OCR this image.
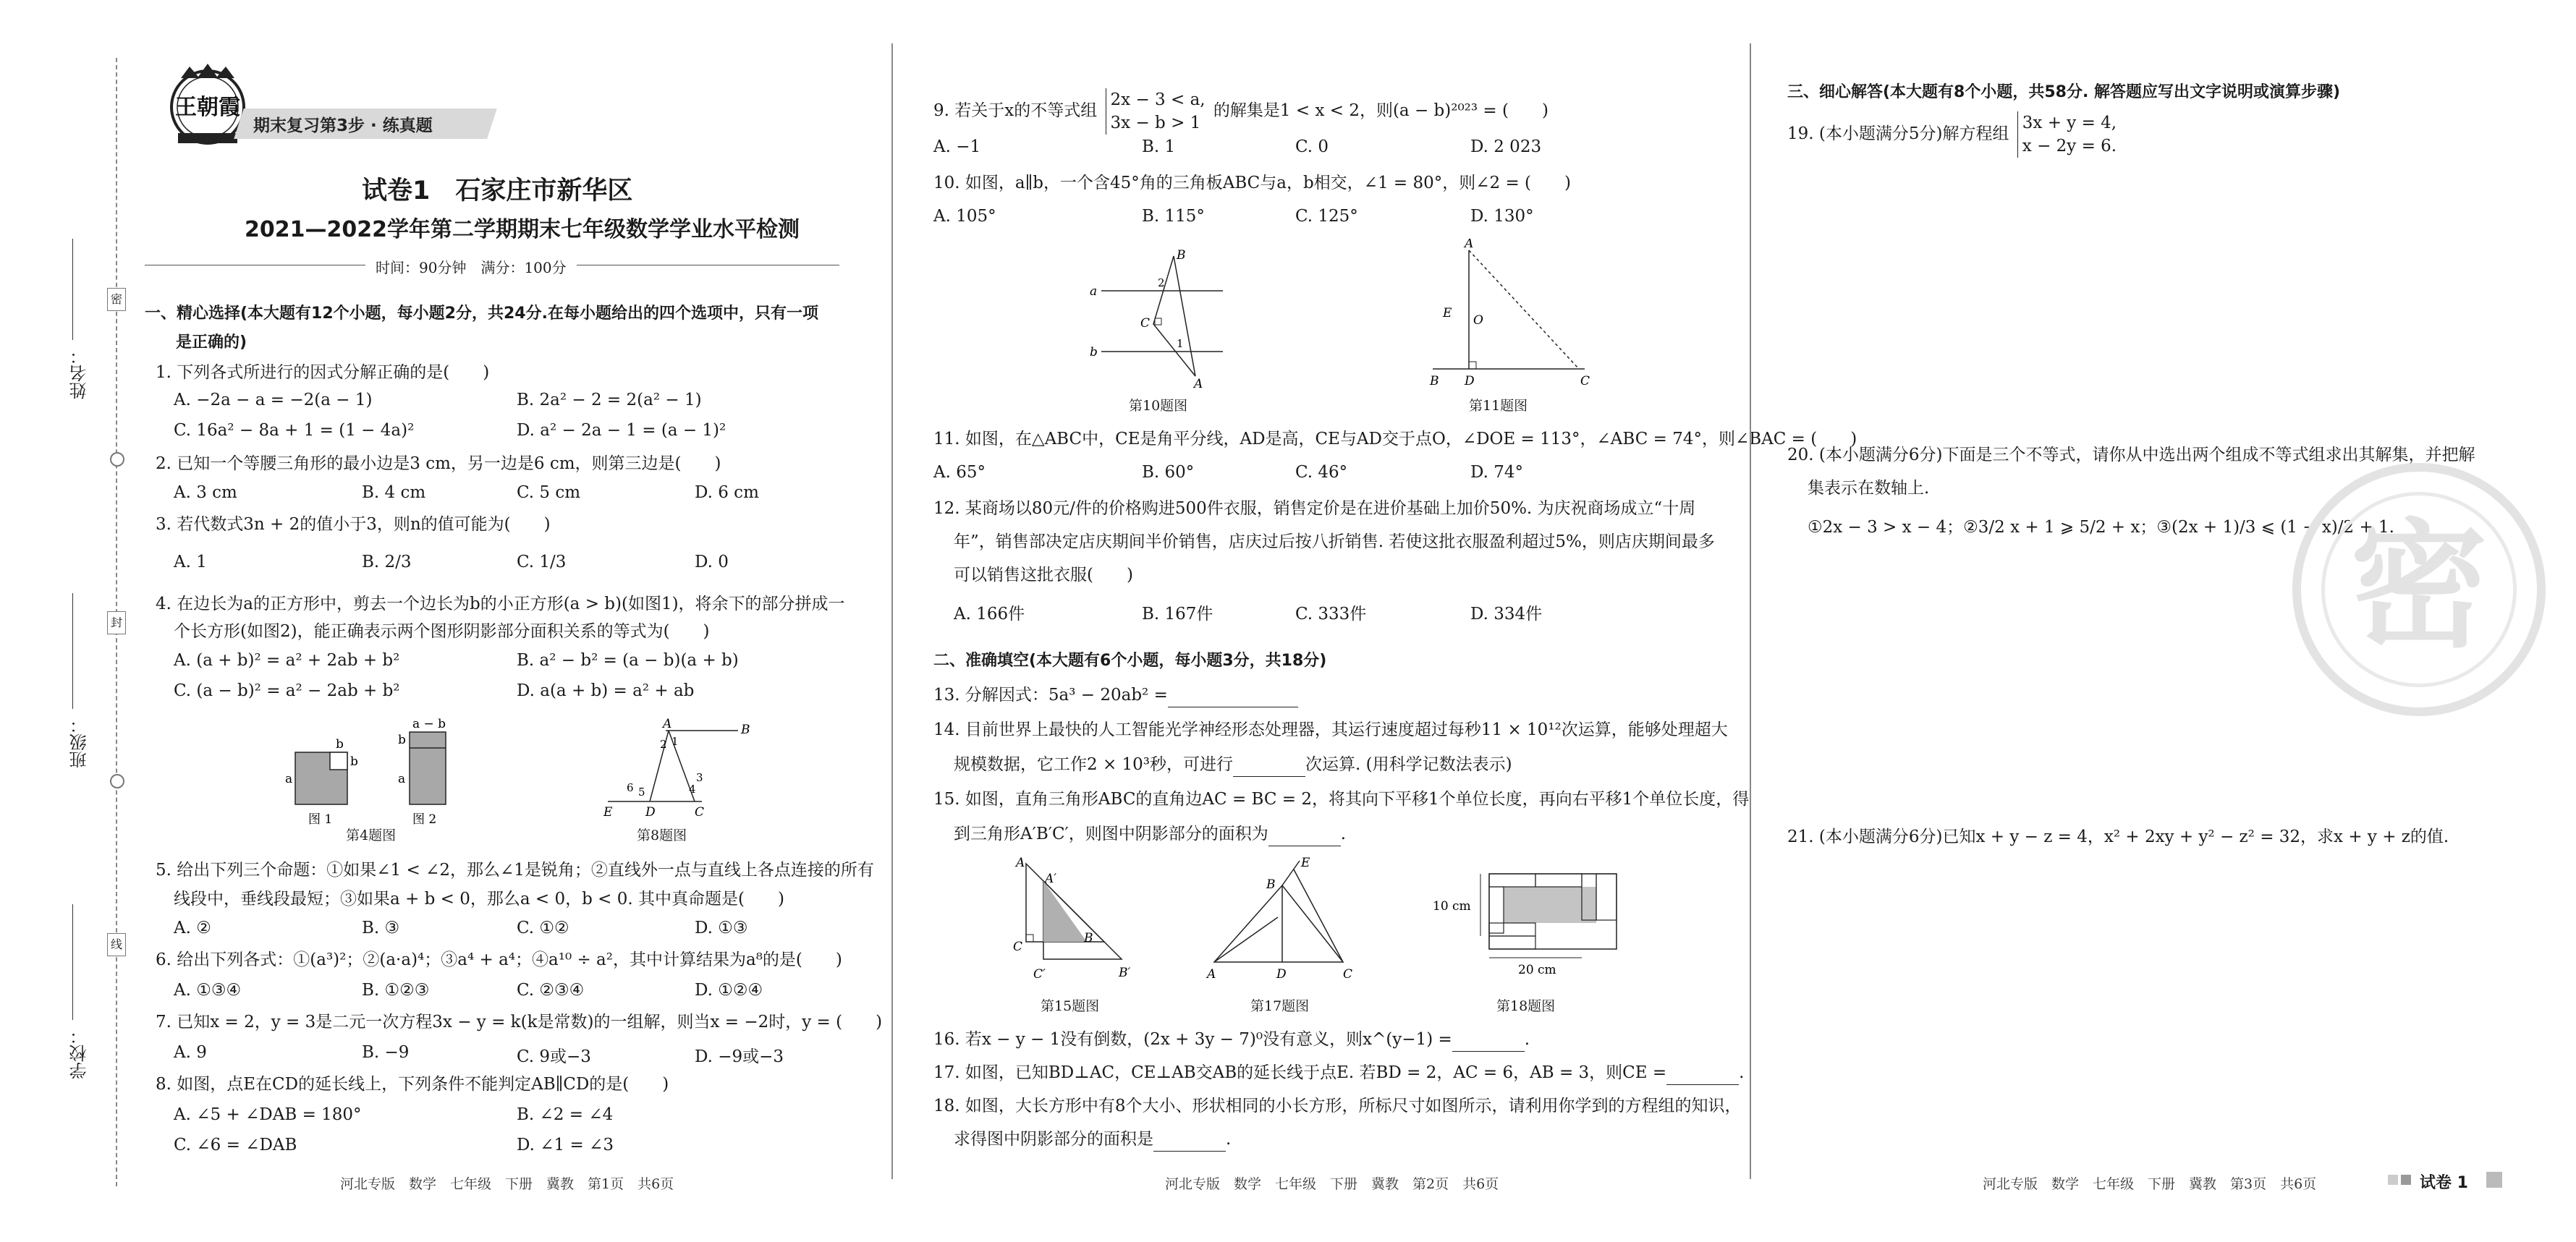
姓名：
班级：
学校：
密
封
线
王朝霞
期末复习第3步 · 练真题
试卷1　石家庄市新华区
2021—2022学年第二学期期末七年级数学学业水平检测
时间：90分钟　满分：100分
一、精心选择(本大题有12个小题，每小题2分，共24分.在每小题给出的四个选项中，只有一项
是正确的)
1. 下列各式所进行的因式分解正确的是(　　)
A. −2a − a = −2(a − 1)	B. 2a² − 2 = 2(a² − 1)
C. 16a² − 8a + 1 = (1 − 4a)²	D. a² − 2a − 1 = (a − 1)²
2. 已知一个等腰三角形的最小边是3 cm，另一边是6 cm，则第三边是(　　)
A. 3 cm	B. 4 cm	C. 5 cm	D. 6 cm
3. 若代数式3n + 2的值小于3，则n的值可能为(　　)
A. 1	B. 2/3	C. 1/3	D. 0
4. 在边长为a的正方形中，剪去一个边长为b的小正方形(a > b)(如图1)，将余下的部分拼成一
个长方形(如图2)，能正确表示两个图形阴影部分面积关系的等式为(　　)
A. (a + b)² = a² + 2ab + b²	B. a² − b² = (a − b)(a + b)
C. (a − b)² = a² − 2ab + b²	D. a(a + b) = a² + ab
a
b
b
图 1
a − b
b
a
图 2
第4题图
A	B
C
D
E
1
2
3
4
5
6
第8题图
5. 给出下列三个命题：①如果∠1 < ∠2，那么∠1是锐角；②直线外一点与直线上各点连接的所有
线段中，垂线段最短；③如果a + b < 0，那么a < 0，b < 0. 其中真命题是(　　)
A. ②	B. ③	C. ①②	D. ①③
6. 给出下列各式：①(a³)²；②(a·a)⁴；③a⁴ + a⁴；④a¹⁰ ÷ a²，其中计算结果为a⁸的是(　　)
A. ①③④	B. ①②③	C. ②③④	D. ①②④
7. 已知x = 2，y = 3是二元一次方程3x − y = k(k是常数)的一组解，则当x = −2时，y = (　　)
A. 9	B. −9	C. 9或−3	D. −9或−3
8. 如图，点E在CD的延长线上，下列条件不能判定AB∥CD的是(　　)
A. ∠5 + ∠DAB = 180°	B. ∠2 = ∠4
C. ∠6 = ∠DAB	D. ∠1 = ∠3
河北专版　数学　七年级　下册　冀教　第1页　共6页
9. 若关于x的不等式组
2x − 3 < a,
3x − b > 1
的解集是1 < x < 2，则(a − b)²⁰²³ = (　　)
A. −1	B. 1	C. 0	D. 2 023
10. 如图，a∥b，一个含45°角的三角板ABC与a，b相交，∠1 = 80°，则∠2 = (　　)
A. 105°	B. 115°	C. 125°	D. 130°
a
b
B
C
A
2
1
第10题图
A
B D	C
E O
第11题图
11. 如图，在△ABC中，CE是角平分线，AD是高，CE与AD交于点O，∠DOE = 113°，∠ABC = 74°，则∠BAC = (　　)
A. 65°	B. 60°	C. 46°	D. 74°
12. 某商场以80元/件的价格购进500件衣服，销售定价是在进价基础上加价50%. 为庆祝商场成立“十周
年”，销售部决定店庆期间半价销售，店庆过后按八折销售. 若使这批衣服盈利超过5%，则店庆期间最多
可以销售这批衣服(　　)
A. 166件	B. 167件	C. 333件	D. 334件
二、准确填空(本大题有6个小题，每小题3分，共18分)
13. 分解因式：5a³ − 20ab² =
14. 目前世界上最快的人工智能光学神经形态处理器，其运行速度超过每秒11 × 10¹²次运算，能够处理超大
规模数据，它工作2 × 10³秒，可进行	次运算. (用科学记数法表示)
15. 如图，直角三角形ABC的直角边AC = BC = 2，将其向下平移1个单位长度，再向右平移1个单位长度，得
到三角形A′B′C′，则图中阴影部分的面积为	.
A
A′
B
B′
C
C′
第15题图
A
B
C
D
E
第17题图
10 cm
20 cm
第18题图
16. 若x − y − 1没有倒数，(2x + 3y − 7)⁰没有意义，则x^(y−1) =	.
17. 如图，已知BD⊥AC，CE⊥AB交AB的延长线于点E. 若BD = 2，AC = 6，AB = 3，则CE =	.
18. 如图，大长方形中有8个大小、形状相同的小长方形，所标尺寸如图所示，请利用你学到的方程组的知识，
求得图中阴影部分的面积是	.
河北专版　数学　七年级　下册　冀教　第2页　共6页
三、细心解答(本大题有8个小题，共58分. 解答题应写出文字说明或演算步骤)
19. (本小题满分5分)解方程组
3x + y = 4,
x − 2y = 6.
20. (本小题满分6分)下面是三个不等式，请你从中选出两个组成不等式组求出其解集，并把解
集表示在数轴上.
①2x − 3 > x − 4；②3/2 x + 1 ⩾ 5/2 + x；③(2x + 1)/3 ⩽ (1 − x)/2 + 1.
21. (本小题满分6分)已知x + y − z = 4，x² + 2xy + y² − z² = 32，求x + y + z的值.
密
河北专版　数学　七年级　下册　冀教　第3页　共6页	试卷 1
